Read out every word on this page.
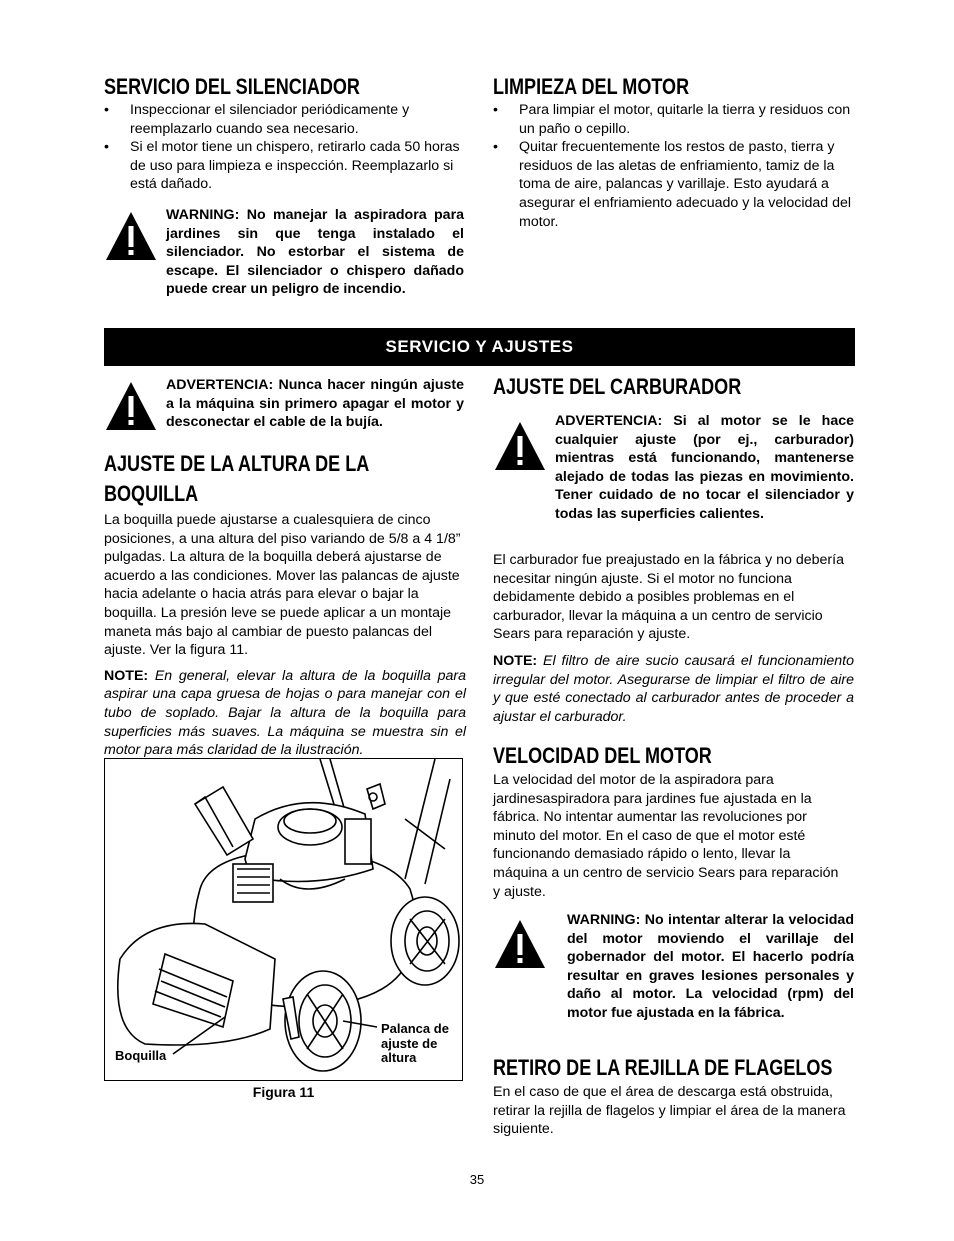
SERVICIO DEL SILENCIADOR

• Inspeccionar el silenciador periódicamente y reemplazarlo cuando sea necesario.

• Si el motor tiene un chispero, retirarlo cada 50 horas de uso para limpieza e inspección. Reemplazarlo si está dañado.

WARNING: No manejar la aspiradora para jardines sin que tenga instalado el silenciador. No estorbar el sistema de escape. El silenciador o chispero dañado puede crear un peligro de incendio.
LIMPIEZA DEL MOTOR

• Para limpiar el motor, quitarle la tierra y residuos con un paño o cepillo.

• Quitar frecuentemente los restos de pasto, tierra y residuos de las aletas de enfriamiento, tamiz de la toma de aire, palancas y varillaje. Esto ayudará a asegurar el enfriamiento adecuado y la velocidad del motor.

SERVICIO Y AJUSTES
ADVERTENCIA: Nunca hacer ningún ajuste a la máquina sin primero apagar el motor y desconectar el cable de la bujía.
AJUSTE DE LA ALTURA DE LA BOQUILLA

La boquilla puede ajustarse a cualesquiera de cinco posiciones, a una altura del piso variando de 5/8 a 4 1/8” pulgadas. La altura de la boquilla deberá ajustarse de acuerdo a las condiciones. Mover las palancas de ajuste hacia adelante o hacia atrás para elevar o bajar la boquilla. La presión leve se puede aplicar a un montaje maneta más bajo al cambiar de puesto palancas del ajuste. Ver la figura 11.

NOTE: En general, elevar la altura de la boquilla para aspirar una capa gruesa de hojas o para manejar con el tubo de soplado. Bajar la altura de la boquilla para superficies más suaves. La máquina se muestra sin el motor para más claridad de la ilustración.

Boquilla
Palanca de ajuste de altura
Figura 11
AJUSTE DEL CARBURADOR
ADVERTENCIA: Si al motor se le hace cualquier ajuste (por ej., carburador) mientras está funcionando, mantenerse alejado de todas las piezas en movimiento. Tener cuidado de no tocar el silenciador y todas las superficies calientes.

El carburador fue preajustado en la fábrica y no debería necesitar ningún ajuste. Si el motor no funciona debidamente debido a posibles problemas en el carburador, llevar la máquina a un centro de servicio Sears para reparación y ajuste.

NOTE: El filtro de aire sucio causará el funcionamiento irregular del motor. Asegurarse de limpiar el filtro de aire y que esté conectado al carburador antes de proceder a ajustar el carburador.

VELOCIDAD DEL MOTOR

La velocidad del motor de la aspiradora para jardinesaspiradora para jardines fue ajustada en la fábrica. No intentar aumentar las revoluciones por minuto del motor. En el caso de que el motor esté funcionando demasiado rápido o lento, llevar la máquina a un centro de servicio Sears para reparación y ajuste.

WARNING: No intentar alterar la velocidad del motor moviendo el varillaje del gobernador del motor. El hacerlo podría resultar en graves lesiones personales y daño al motor. La velocidad (rpm) del motor fue ajustada en la fábrica.
RETIRO DE LA REJILLA DE FLAGELOS

En el caso de que el área de descarga está obstruida, retirar la rejilla de flagelos y limpiar el área de la manera siguiente.

35
